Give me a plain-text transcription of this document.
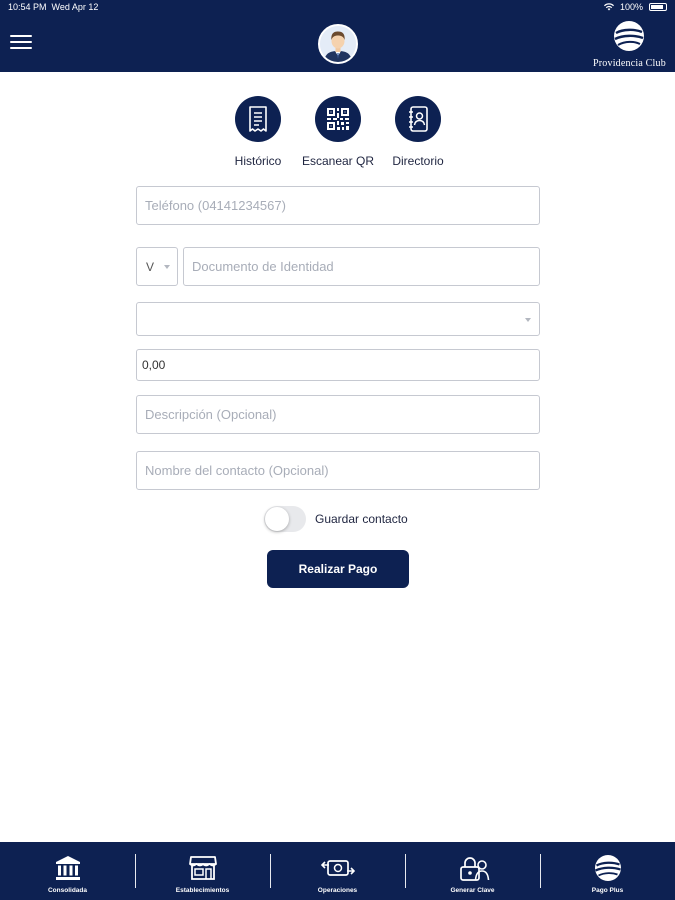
10:54 PM Wed Apr 12	100%
Providencia Club
Histórico	Escanear QR	Directorio
Teléfono (04141234567)
V
Documento de Identidad
0,00
Descripción (Opcional)
Nombre del contacto (Opcional)
Guardar contacto
Realizar Pago
Consolidada	Establecimientos	Operaciones	Generar Clave	Pago Plus
